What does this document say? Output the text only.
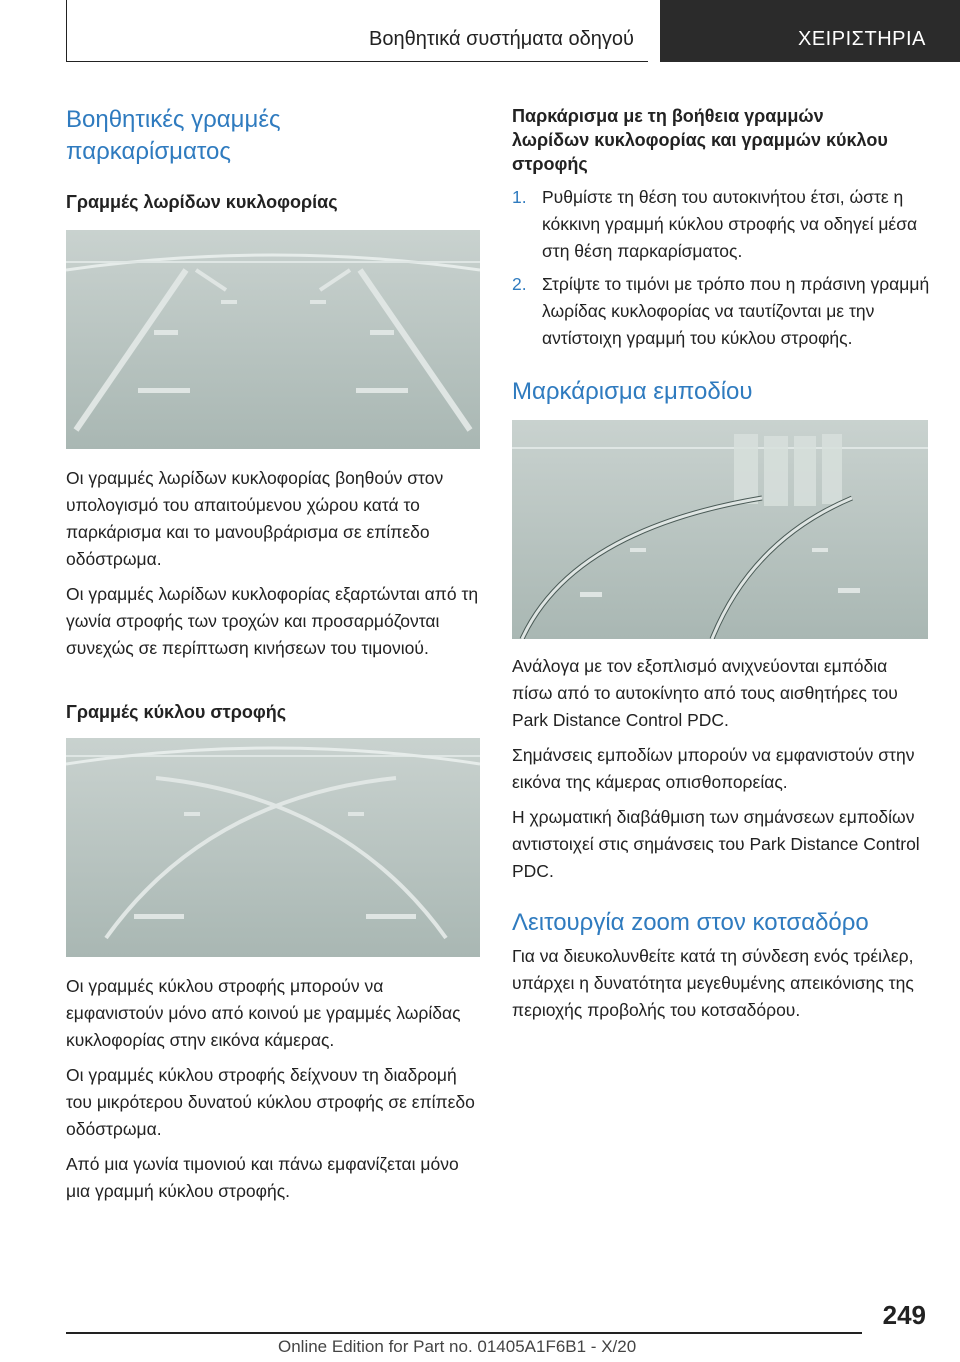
Βοηθητικά συστήματα οδηγού	ΧΕΙΡΙΣΤΗΡΙΑ
Βοηθητικές γραμμές παρκαρίσματος
Γραμμές λωρίδων κυκλοφορίας

Οι γραμμές λωρίδων κυκλοφορίας βοηθούν στον υπολογισμό του απαιτούμενου χώρου κατά το παρκάρισμα και το μανουβράρισμα σε επίπεδο οδόστρωμα.

Οι γραμμές λωρίδων κυκλοφορίας εξαρτώνται από τη γωνία στροφής των τροχών και προσαρμόζονται συνεχώς σε περίπτωση κινήσεων του τιμονιού.

Γραμμές κύκλου στροφής

Οι γραμμές κύκλου στροφής μπορούν να εμφανιστούν μόνο από κοινού με γραμμές λωρίδας κυκλοφορίας στην εικόνα κάμερας.

Οι γραμμές κύκλου στροφής δείχνουν τη διαδρομή του μικρότερου δυνατού κύκλου στροφής σε επίπεδο οδόστρωμα.

Από μια γωνία τιμονιού και πάνω εμφανίζεται μόνο μια γραμμή κύκλου στροφής.

Παρκάρισμα με τη βοήθεια γραμμών λωρίδων κυκλοφορίας και γραμμών κύκλου στροφής
1. Ρυθμίστε τη θέση του αυτοκινήτου έτσι, ώστε η κόκκινη γραμμή κύκλου στροφής να οδηγεί μέσα στη θέση παρκαρίσματος.
2. Στρίψτε το τιμόνι με τρόπο που η πράσινη γραμμή λωρίδας κυκλοφορίας να ταυτίζονται με την αντίστοιχη γραμμή του κύκλου στροφής.
Μαρκάρισμα εμποδίου

Ανάλογα με τον εξοπλισμό ανιχνεύονται εμπόδια πίσω από το αυτοκίνητο από τους αισθητήρες του Park Distance Control PDC.

Σημάνσεις εμποδίων μπορούν να εμφανιστούν στην εικόνα της κάμερας οπισθοπορείας.

Η χρωματική διαβάθμιση των σημάνσεων εμποδίων αντιστοιχεί στις σημάνσεις του Park Distance Control PDC.

Λειτουργία zoom στον κοτσαδόρο

Για να διευκολυνθείτε κατά τη σύνδεση ενός τρέιλερ, υπάρχει η δυνατότητα μεγεθυμένης απεικόνισης της περιοχής προβολής του κοτσαδόρου.

249
Online Edition for Part no. 01405A1F6B1 - X/20
